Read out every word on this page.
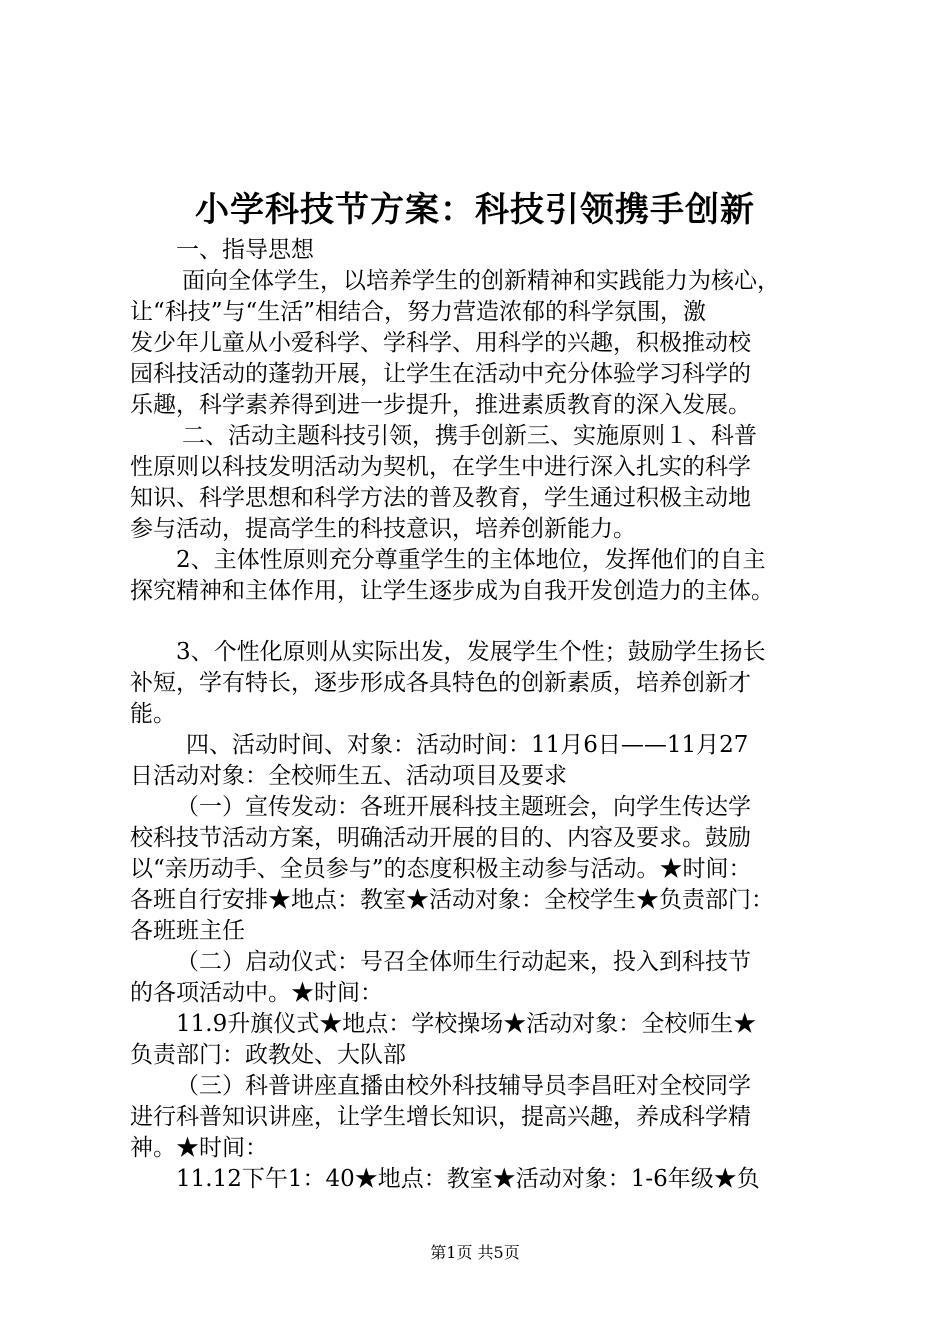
小学科技节方案：科技引领携手创新
一、指导思想
面向全体学生，以培养学生的创新精神和实践能力为核心，
让“科技”与“生活”相结合，努力营造浓郁的科学氛围，激
发少年儿童从小爱科学、学科学、用科学的兴趣，积极推动校
园科技活动的蓬勃开展，让学生在活动中充分体验学习科学的
乐趣，科学素养得到进一步提升，推进素质教育的深入发展。
二、活动主题科技引领，携手创新三、实施原则１、科普
性原则以科技发明活动为契机，在学生中进行深入扎实的科学
知识、科学思想和科学方法的普及教育，学生通过积极主动地
参与活动，提高学生的科技意识，培养创新能力。
2、主体性原则充分尊重学生的主体地位，发挥他们的自主
探究精神和主体作用，让学生逐步成为自我开发创造力的主体。
3、个性化原则从实际出发，发展学生个性；鼓励学生扬长
补短，学有特长，逐步形成各具特色的创新素质，培养创新才
能。
四、活动时间、对象：活动时间：11月6日——11月27
日活动对象：全校师生五、活动项目及要求
（一）宣传发动：各班开展科技主题班会，向学生传达学
校科技节活动方案，明确活动开展的目的、内容及要求。鼓励
以“亲历动手、全员参与”的态度积极主动参与活动。★时间：
各班自行安排★地点：教室★活动对象：全校学生★负责部门：
各班班主任
（二）启动仪式：号召全体师生行动起来，投入到科技节
的各项活动中。★时间：
11.9升旗仪式★地点：学校操场★活动对象：全校师生★
负责部门：政教处、大队部
（三）科普讲座直播由校外科技辅导员李昌旺对全校同学
进行科普知识讲座，让学生增长知识，提高兴趣，养成科学精
神。★时间：
11.12下午1：40★地点：教室★活动对象：1-6年级★负
第1页 共5页
